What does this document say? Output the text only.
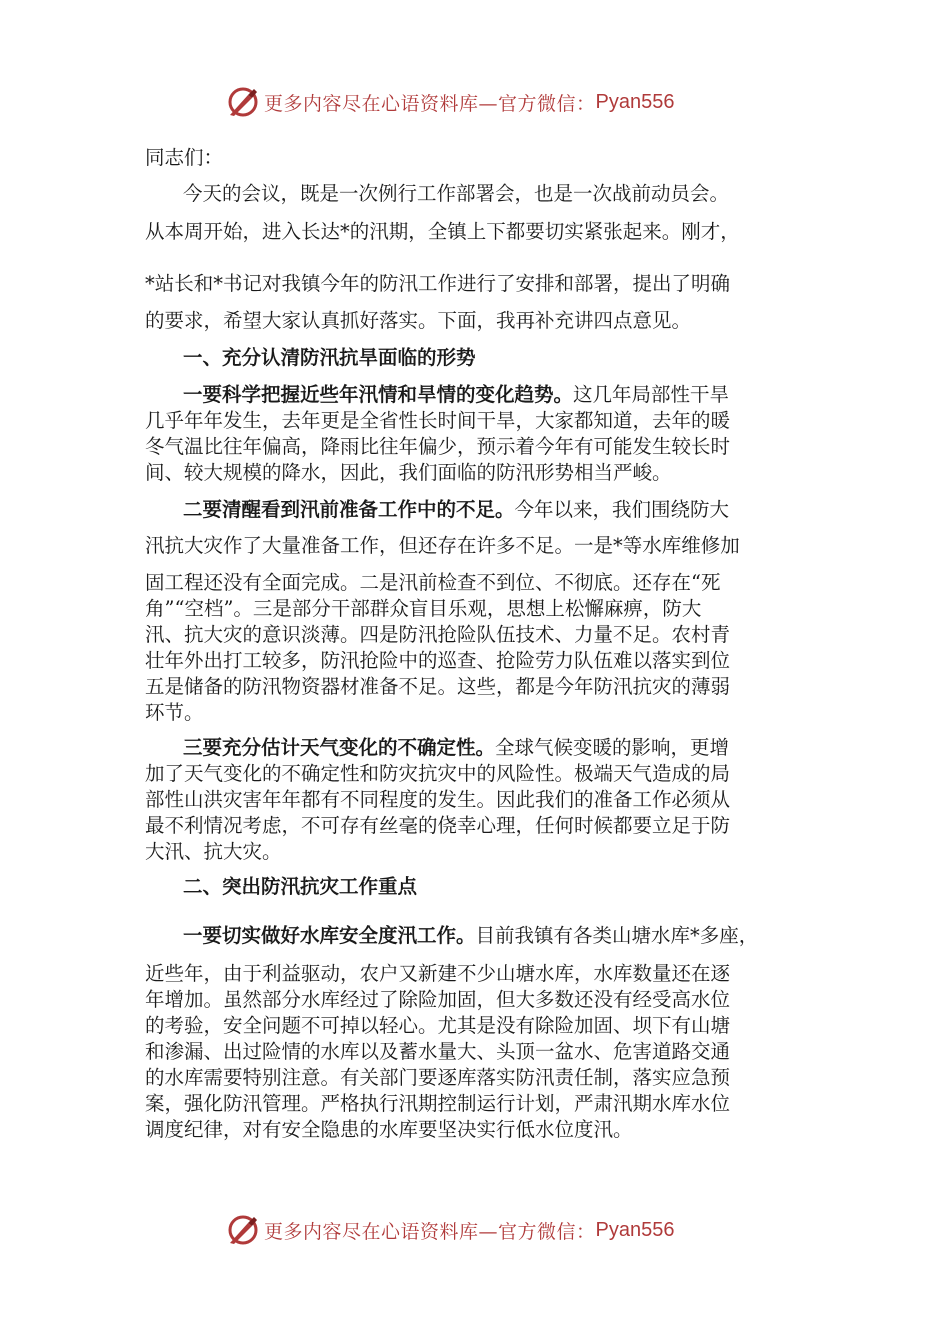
更多内容尽在心语资料库—官方微信： Pyan556
同志们：
今天的会议，既是一次例行工作部署会，也是一次战前动员会。
从本周开始，进入长达*的汛期，全镇上下都要切实紧张起来。刚才，
*站长和*书记对我镇今年的防汛工作进行了安排和部署，提出了明确
的要求，希望大家认真抓好落实。下面，我再补充讲四点意见。
一、充分认清防汛抗旱面临的形势
一要科学把握近些年汛情和旱情的变化趋势。这几年局部性干旱
几乎年年发生，去年更是全省性长时间干旱，大家都知道，去年的暖
冬气温比往年偏高，降雨比往年偏少，预示着今年有可能发生较长时
间、较大规模的降水，因此，我们面临的防汛形势相当严峻。
二要清醒看到汛前准备工作中的不足。今年以来，我们围绕防大
汛抗大灾作了大量准备工作，但还存在许多不足。一是*等水库维修加
固工程还没有全面完成。二是汛前检查不到位、不彻底。还存在“死
角”“空档”。三是部分干部群众盲目乐观，思想上松懈麻痹，防大
汛、抗大灾的意识淡薄。四是防汛抢险队伍技术、力量不足。农村青
壮年外出打工较多，防汛抢险中的巡查、抢险劳力队伍难以落实到位
五是储备的防汛物资器材准备不足。这些，都是今年防汛抗灾的薄弱
环节。
三要充分估计天气变化的不确定性。全球气候变暖的影响，更增
加了天气变化的不确定性和防灾抗灾中的风险性。极端天气造成的局
部性山洪灾害年年都有不同程度的发生。因此我们的准备工作必须从
最不利情况考虑，不可存有丝毫的侥幸心理，任何时候都要立足于防
大汛、抗大灾。
二、突出防汛抗灾工作重点
一要切实做好水库安全度汛工作。目前我镇有各类山塘水库*多座，
近些年，由于利益驱动，农户又新建不少山塘水库，水库数量还在逐
年增加。虽然部分水库经过了除险加固，但大多数还没有经受高水位
的考验，安全问题不可掉以轻心。尤其是没有除险加固、坝下有山塘
和渗漏、出过险情的水库以及蓄水量大、头顶一盆水、危害道路交通
的水库需要特别注意。有关部门要逐库落实防汛责任制，落实应急预
案，强化防汛管理。严格执行汛期控制运行计划，严肃汛期水库水位
调度纪律，对有安全隐患的水库要坚决实行低水位度汛。
更多内容尽在心语资料库—官方微信： Pyan556
